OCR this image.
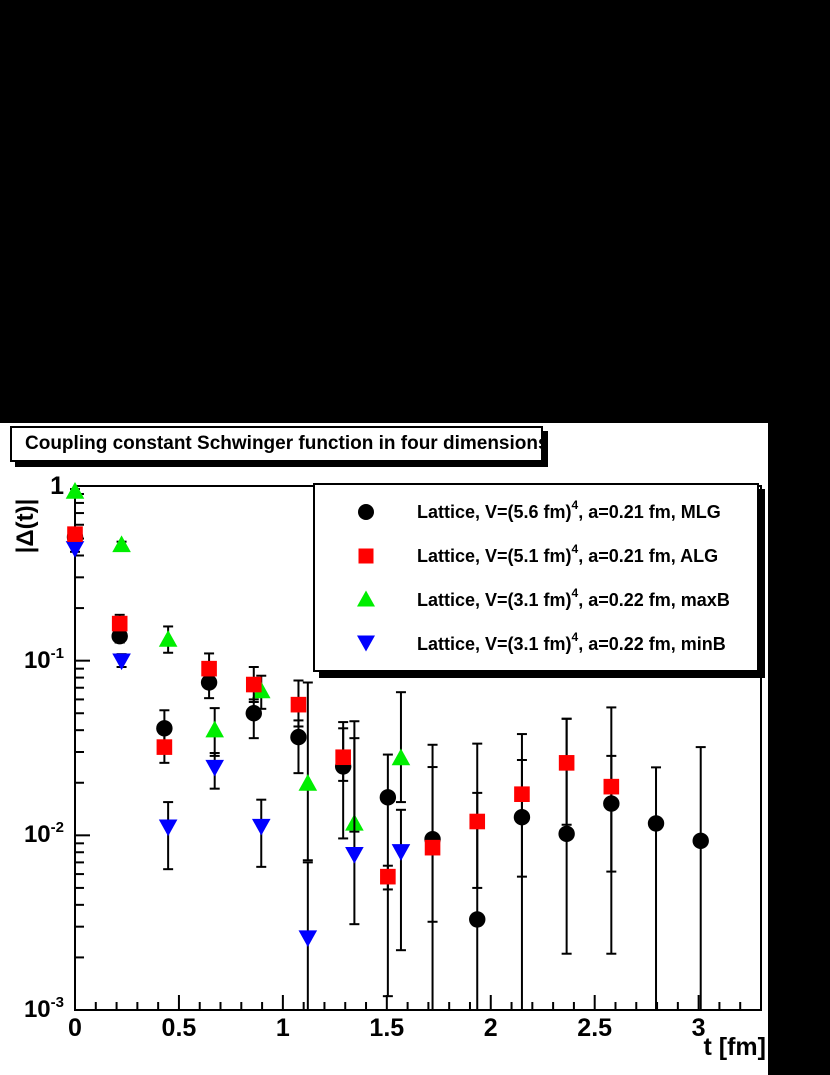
Coupling constant Schwinger function in four dimensions
|Δ(t)|
t [fm]
1
$10^{-1}$
$10^{-2}$
$10^{-3}$
0	0.5	1	1.5	2	2.5	3
Lattice, V=(5.6 fm)$^4$, a=0.21 fm, MLG
Lattice, V=(5.1 fm)$^4$, a=0.21 fm, ALG
Lattice, V=(3.1 fm)$^4$, a=0.22 fm, maxB
Lattice, V=(3.1 fm)$^4$, a=0.22 fm, minB
